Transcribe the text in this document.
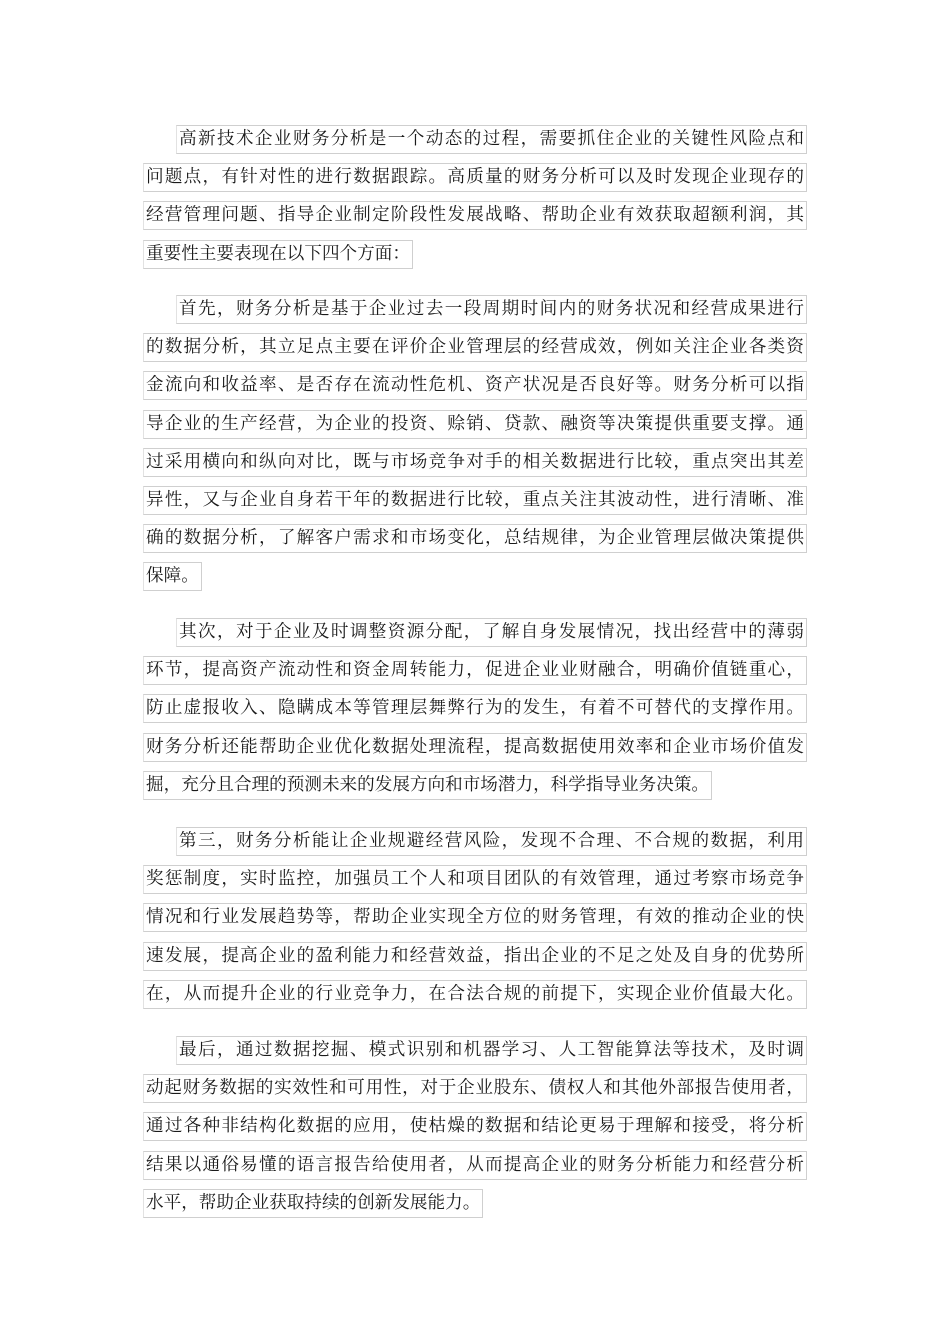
高新技术企业财务分析是一个动态的过程，需要抓住企业的关键性风险点和
问题点，有针对性的进行数据跟踪。高质量的财务分析可以及时发现企业现存的
经营管理问题、指导企业制定阶段性发展战略、帮助企业有效获取超额利润，其
重要性主要表现在以下四个方面：
首先，财务分析是基于企业过去一段周期时间内的财务状况和经营成果进行
的数据分析，其立足点主要在评价企业管理层的经营成效，例如关注企业各类资
金流向和收益率、是否存在流动性危机、资产状况是否良好等。财务分析可以指
导企业的生产经营，为企业的投资、赊销、贷款、融资等决策提供重要支撑。通
过采用横向和纵向对比，既与市场竞争对手的相关数据进行比较，重点突出其差
异性，又与企业自身若干年的数据进行比较，重点关注其波动性，进行清晰、准
确的数据分析，了解客户需求和市场变化，总结规律，为企业管理层做决策提供
保障。
其次，对于企业及时调整资源分配，了解自身发展情况，找出经营中的薄弱
环节，提高资产流动性和资金周转能力，促进企业业财融合，明确价值链重心，
防止虚报收入、隐瞒成本等管理层舞弊行为的发生，有着不可替代的支撑作用。
财务分析还能帮助企业优化数据处理流程，提高数据使用效率和企业市场价值发
掘，充分且合理的预测未来的发展方向和市场潜力，科学指导业务决策。
第三，财务分析能让企业规避经营风险，发现不合理、不合规的数据，利用
奖惩制度，实时监控，加强员工个人和项目团队的有效管理，通过考察市场竞争
情况和行业发展趋势等，帮助企业实现全方位的财务管理，有效的推动企业的快
速发展，提高企业的盈利能力和经营效益，指出企业的不足之处及自身的优势所
在，从而提升企业的行业竞争力，在合法合规的前提下，实现企业价值最大化。
最后，通过数据挖掘、模式识别和机器学习、人工智能算法等技术，及时调
动起财务数据的实效性和可用性，对于企业股东、债权人和其他外部报告使用者，
通过各种非结构化数据的应用，使枯燥的数据和结论更易于理解和接受，将分析
结果以通俗易懂的语言报告给使用者，从而提高企业的财务分析能力和经营分析
水平，帮助企业获取持续的创新发展能力。
